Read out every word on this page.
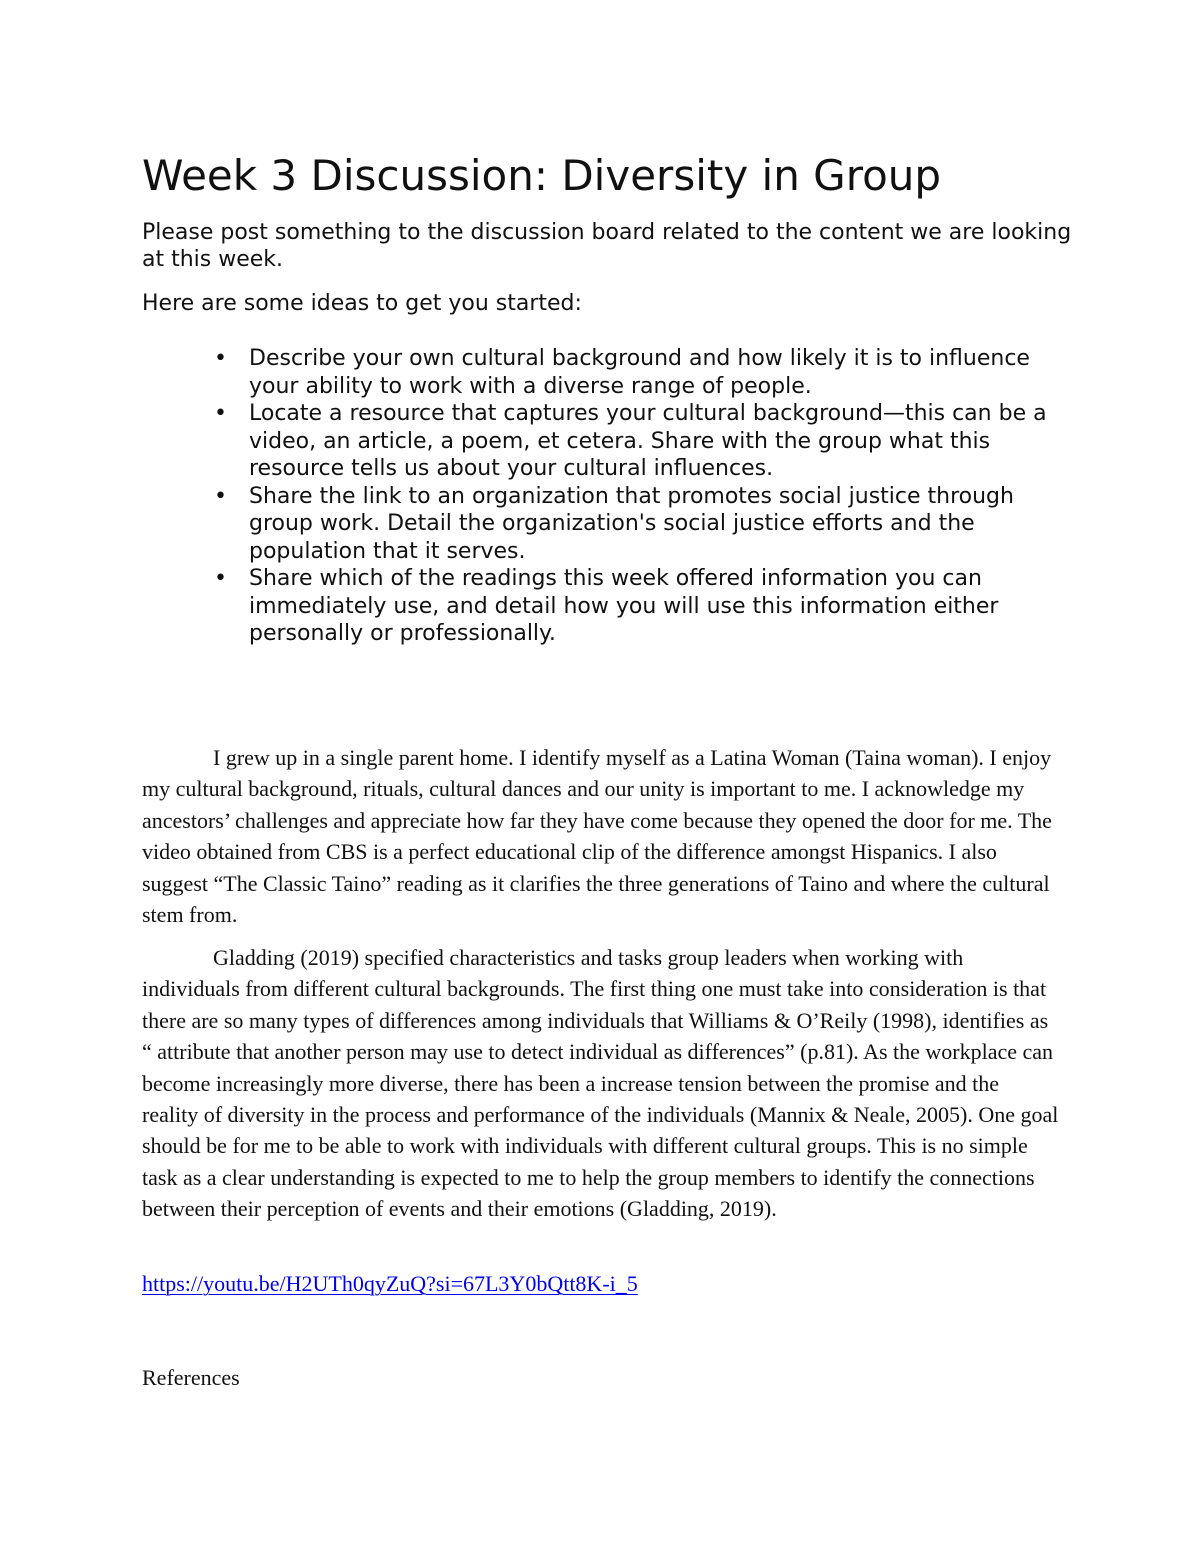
Week 3 Discussion: Diversity in Group

Please post something to the discussion board related to the content we are looking at this week.

Here are some ideas to get you started:

• Describe your own cultural background and how likely it is to influence your ability to work with a diverse range of people.
• Locate a resource that captures your cultural background—this can be a video, an article, a poem, et cetera. Share with the group what this resource tells us about your cultural influences.
• Share the link to an organization that promotes social justice through group work. Detail the organization's social justice efforts and the population that it serves.
• Share which of the readings this week offered information you can immediately use, and detail how you will use this information either personally or professionally.

I grew up in a single parent home. I identify myself as a Latina Woman (Taina woman). I enjoy my cultural background, rituals, cultural dances and our unity is important to me. I acknowledge my ancestors’ challenges and appreciate how far they have come because they opened the door for me. The video obtained from CBS is a perfect educational clip of the difference amongst Hispanics. I also suggest “The Classic Taino” reading as it clarifies the three generations of Taino and where the cultural stem from.

Gladding (2019) specified characteristics and tasks group leaders when working with individuals from different cultural backgrounds. The first thing one must take into consideration is that there are so many types of differences among individuals that Williams & O’Reily (1998), identifies as “ attribute that another person may use to detect individual as differences” (p.81). As the workplace can become increasingly more diverse, there has been a increase tension between the promise and the reality of diversity in the process and performance of the individuals (Mannix & Neale, 2005). One goal should be for me to be able to work with individuals with different cultural groups. This is no simple task as a clear understanding is expected to me to help the group members to identify the connections between their perception of events and their emotions (Gladding, 2019).

https://youtu.be/H2UTh0qyZuQ?si=67L3Y0bQtt8K-i_5

References
